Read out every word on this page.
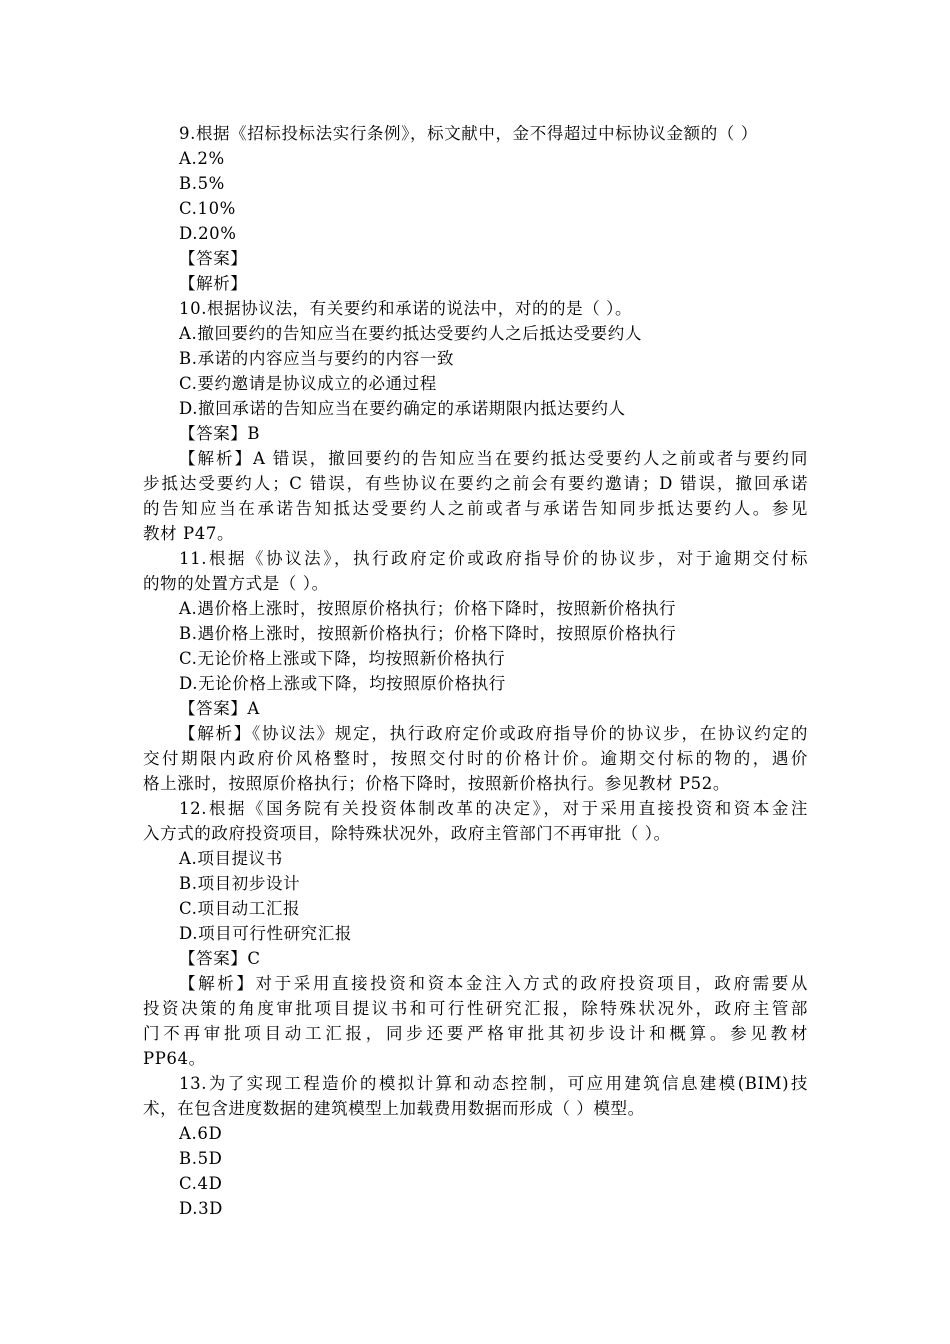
9.根据《招标投标法实行条例》，标文献中，金不得超过中标协议金额的（ ）
A.2%
B.5%
C.10%
D.20%
【答案】
【解析】
10.根据协议法，有关要约和承诺的说法中，对的的是（ ）。
A.撤回要约的告知应当在要约抵达受要约人之后抵达受要约人
B.承诺的内容应当与要约的内容一致
C.要约邀请是协议成立的必通过程
D.撤回承诺的告知应当在要约确定的承诺期限内抵达要约人
【答案】B
【解析】A 错误，撤回要约的告知应当在要约抵达受要约人之前或者与要约同
步抵达受要约人；C 错误，有些协议在要约之前会有要约邀请；D 错误，撤回承诺
的告知应当在承诺告知抵达受要约人之前或者与承诺告知同步抵达要约人。参见
教材 P47。
11.根据《协议法》，执行政府定价或政府指导价的协议步，对于逾期交付标
的物的处置方式是（ ）。
A.遇价格上涨时，按照原价格执行；价格下降时，按照新价格执行
B.遇价格上涨时，按照新价格执行；价格下降时，按照原价格执行
C.无论价格上涨或下降，均按照新价格执行
D.无论价格上涨或下降，均按照原价格执行
【答案】A
【解析】《协议法》规定，执行政府定价或政府指导价的协议步，在协议约定的
交付期限内政府价风格整时，按照交付时的价格计价。逾期交付标的物的，遇价
格上涨时，按照原价格执行；价格下降时，按照新价格执行。参见教材 P52。
12.根据《国务院有关投资体制改革的决定》，对于采用直接投资和资本金注
入方式的政府投资项目，除特殊状况外，政府主管部门不再审批（ ）。
A.项目提议书
B.项目初步设计
C.项目动工汇报
D.项目可行性研究汇报
【答案】C
【解析】对于采用直接投资和资本金注入方式的政府投资项目，政府需要从
投资决策的角度审批项目提议书和可行性研究汇报，除特殊状况外，政府主管部
门不再审批项目动工汇报，同步还要严格审批其初步设计和概算。参见教材
PP64。
13.为了实现工程造价的模拟计算和动态控制，可应用建筑信息建模(BIM)技
术，在包含进度数据的建筑模型上加载费用数据而形成（ ）模型。
A.6D
B.5D
C.4D
D.3D
